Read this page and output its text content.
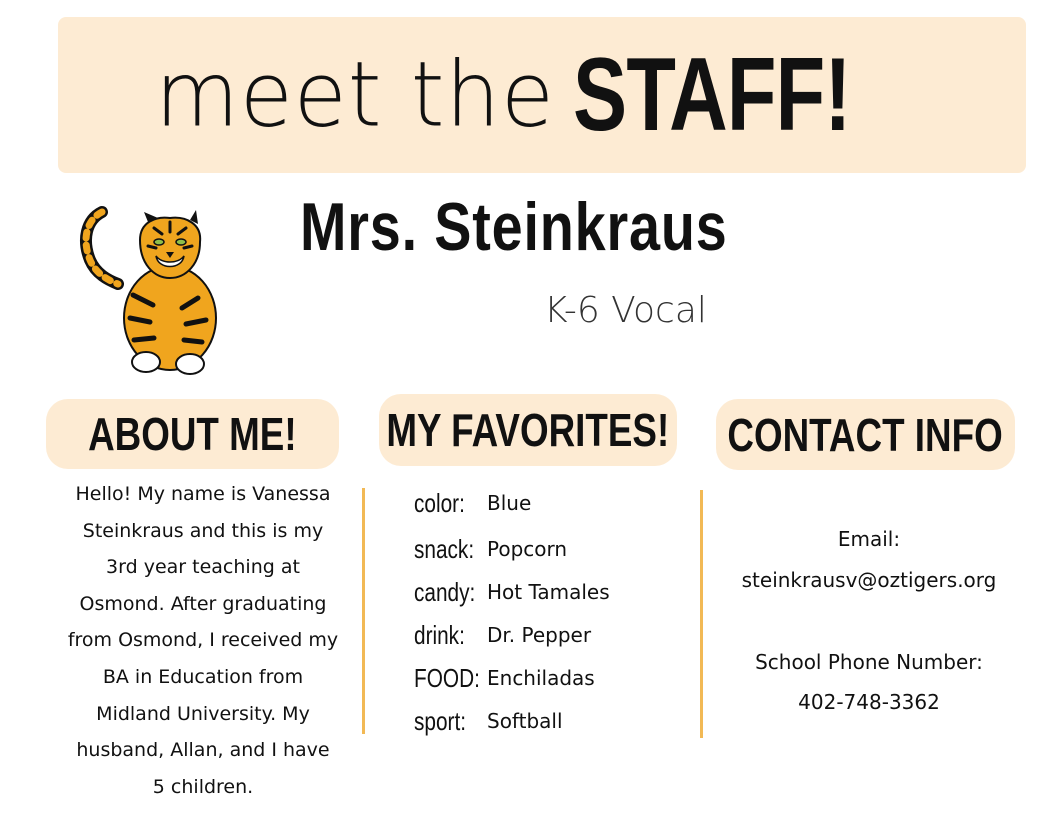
meet the STAFF!
Mrs. Steinkraus
K-6 Vocal
ABOUT ME! MY FAVORITES! CONTACT INFO
Hello! My name is Vanessa
Steinkraus and this is my
3rd year teaching at
Osmond. After graduating
from Osmond, I received my
BA in Education from
Midland University. My
husband, Allan, and I have
5 children.
color: Blue
snack: Popcorn
candy: Hot Tamales
drink: Dr. Pepper
FOOD: Enchiladas
sport: Softball
Email:
steinkrausv@oztigers.org
School Phone Number:
402-748-3362
